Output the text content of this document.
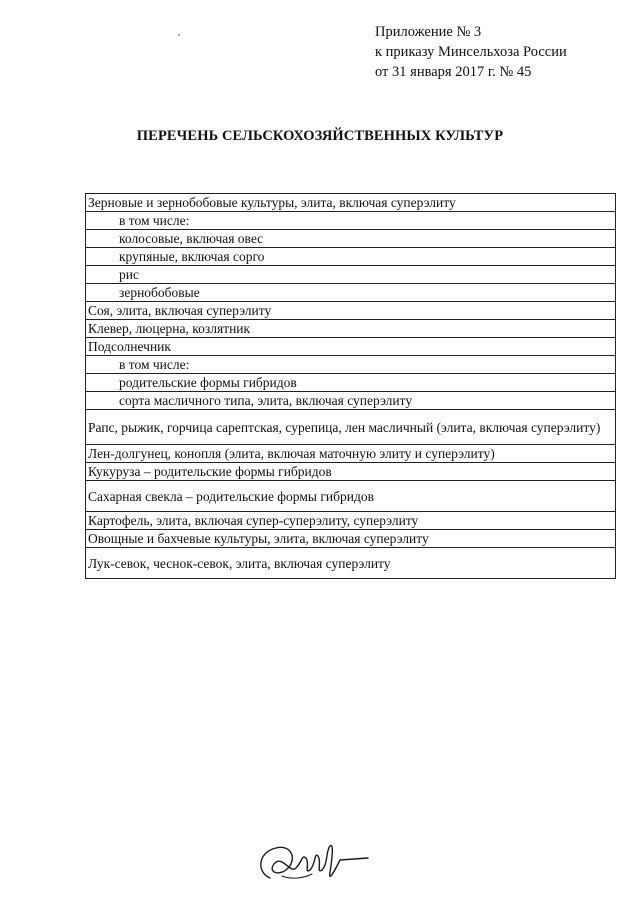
Приложение № 3
к приказу Минсельхоза России
от 31 января 2017 г. № 45
ПЕРЕЧЕНЬ СЕЛЬСКОХОЗЯЙСТВЕННЫХ КУЛЬТУР
Зерновые и зернобобовые культуры, элита, включая суперэлиту
в том числе:
колосовые, включая овес
крупяные, включая сорго
рис
зернобобовые
Соя, элита, включая суперэлиту
Клевер, люцерна, козлятник
Подсолнечник
в том числе:
родительские формы гибридов
сорта масличного типа, элита, включая суперэлиту
Рапс, рыжик, горчица сарептская, сурепица, лен масличный (элита, включая суперэлиту)
Лен-долгунец, конопля (элита, включая маточную элиту и суперэлиту)
Кукуруза – родительские формы гибридов
Сахарная свекла – родительские формы гибридов
Картофель, элита, включая супер-суперэлиту, суперэлиту
Овощные и бахчевые культуры, элита, включая суперэлиту
Лук-севок, чеснок-севок, элита, включая суперэлиту
